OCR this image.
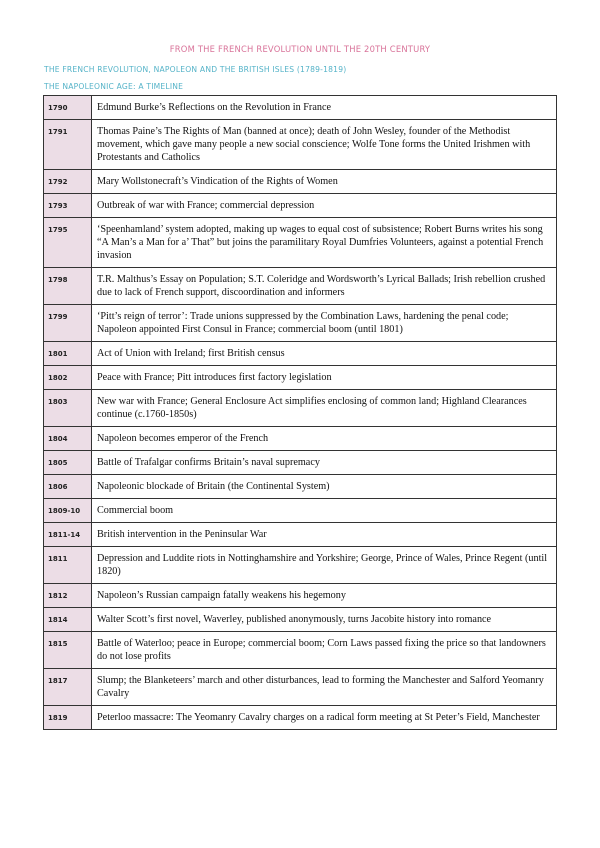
FROM THE FRENCH REVOLUTION UNTIL THE 20TH CENTURY
THE FRENCH REVOLUTION, NAPOLEON AND THE BRITISH ISLES (1789-1819)
THE NAPOLEONIC AGE: A TIMELINE
1790	Edmund Burke’s Reflections on the Revolution in France
1791	Thomas Paine’s The Rights of Man (banned at once); death of John Wesley, founder of the Methodist movement, which gave many people a new social conscience; Wolfe Tone forms the United Irishmen with Protestants and Catholics
1792	Mary Wollstonecraft’s Vindication of the Rights of Women
1793	Outbreak of war with France; commercial depression
1795	‘Speenhamland’ system adopted, making up wages to equal cost of subsistence; Robert Burns writes his song “A Man’s a Man for a’ That” but joins the paramilitary Royal Dumfries Volunteers, against a potential French invasion
1798	T.R. Malthus’s Essay on Population; S.T. Coleridge and Wordsworth’s Lyrical Ballads; Irish rebellion crushed due to lack of French support, discoordination and informers
1799	‘Pitt’s reign of terror’: Trade unions suppressed by the Combination Laws, hardening the penal code; Napoleon appointed First Consul in France; commercial boom (until 1801)
1801	Act of Union with Ireland; first British census
1802	Peace with France; Pitt introduces first factory legislation
1803	New war with France; General Enclosure Act simplifies enclosing of common land; Highland Clearances continue (c.1760-1850s)
1804	Napoleon becomes emperor of the French
1805	Battle of Trafalgar confirms Britain’s naval supremacy
1806	Napoleonic blockade of Britain (the Continental System)
1809-10	Commercial boom
1811-14	British intervention in the Peninsular War
1811	Depression and Luddite riots in Nottinghamshire and Yorkshire; George, Prince of Wales, Prince Regent (until 1820)
1812	Napoleon’s Russian campaign fatally weakens his hegemony
1814	Walter Scott’s first novel, Waverley, published anonymously, turns Jacobite history into romance
1815	Battle of Waterloo; peace in Europe; commercial boom; Corn Laws passed fixing the price so that landowners do not lose profits
1817	Slump; the Blanketeers’ march and other disturbances, lead to forming the Manchester and Salford Yeomanry Cavalry
1819	Peterloo massacre: The Yeomanry Cavalry charges on a radical form meeting at St Peter’s Field, Manchester
